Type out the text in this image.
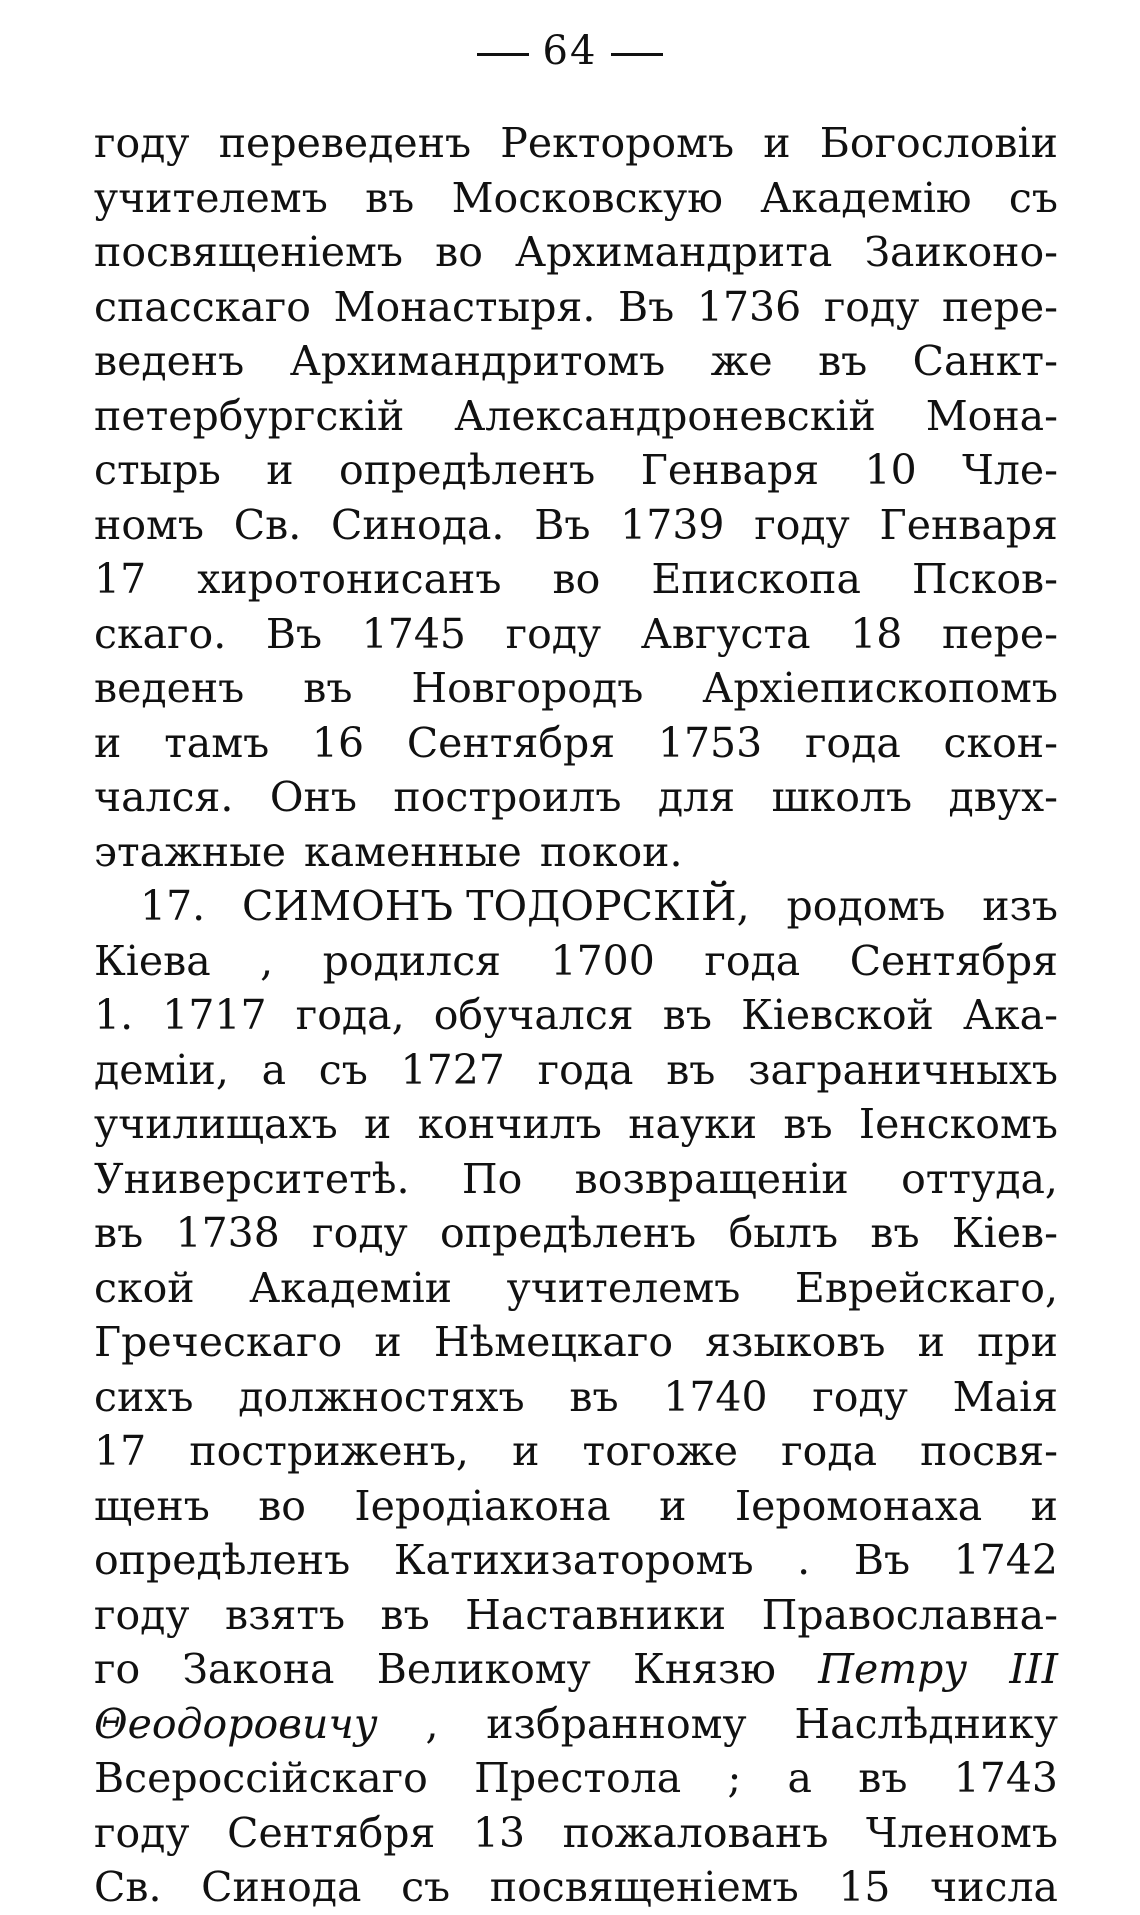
64
году переведенъ Ректоромъ и Богословіи
учителемъ въ Московскую Академію съ
посвященіемъ во Архимандрита Заиконо-
спасскаго Монастыря. Въ 1736 году пере-
веденъ Архимандритомъ же въ Санкт-
петербургскій Александроневскій Мона-
стырь и опредѣленъ Генваря 10 Чле-
номъ Св. Синода. Въ 1739 году Генваря
17 хиротонисанъ во Епископа Псков-
скаго. Въ 1745 году Августа 18 пере-
веденъ въ Новгородъ Архіепископомъ
и тамъ 16 Сентября 1753 года скон-
чался. Онъ построилъ для школъ двух-
этажные каменные покои.
17. СИМОНЪ ТОДОРСКІЙ, родомъ изъ
Кіева , родился 1700 года Сентября
1. 1717 года, обучался въ Кіевской Ака-
деміи, а съ 1727 года въ заграничныхъ
училищахъ и кончилъ науки въ Іенскомъ
Университетѣ. По возвращеніи оттуда,
въ 1738 году опредѣленъ былъ въ Кіев-
ской Академіи учителемъ Еврейскаго,
Греческаго и Нѣмецкаго языковъ и при
сихъ должностяхъ въ 1740 году Маія
17 постриженъ, и тогоже года посвя-
щенъ во Іеродіакона и Іеромонаха и
опредѣленъ Катихизаторомъ . Въ 1742
году взятъ въ Наставники Православна-
го Закона Великому Князю Петру III
Θеодоровичу , избранному Наслѣднику
Всероссійскаго Престола ; а въ 1743
году Сентября 13 пожалованъ Членомъ
Св. Синода съ посвященіемъ 15 числа
